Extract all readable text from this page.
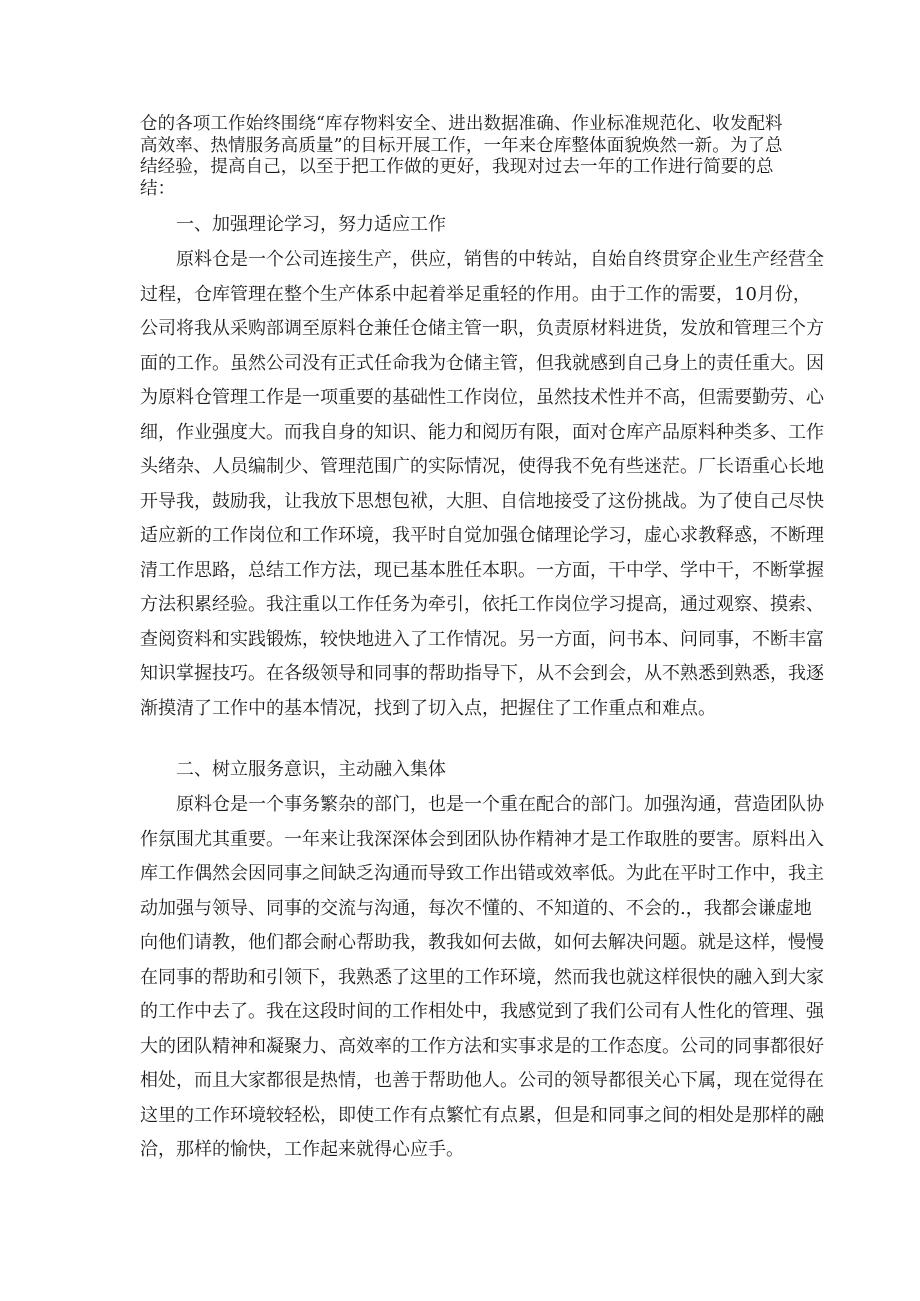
仓的各项工作始终围绕“库存物料安全、进出数据准确、作业标准规范化、收发配料
高效率、热情服务高质量”的目标开展工作，一年来仓库整体面貌焕然一新。为了总
结经验，提高自己，以至于把工作做的更好，我现对过去一年的工作进行简要的总
结：
一、加强理论学习，努力适应工作
原料仓是一个公司连接生产，供应，销售的中转站，自始自终贯穿企业生产经营全
过程，仓库管理在整个生产体系中起着举足重轻的作用。由于工作的需要，10月份，
公司将我从采购部调至原料仓兼任仓储主管一职，负责原材料进货，发放和管理三个方
面的工作。虽然公司没有正式任命我为仓储主管，但我就感到自己身上的责任重大。因
为原料仓管理工作是一项重要的基础性工作岗位，虽然技术性并不高，但需要勤劳、心
细，作业强度大。而我自身的知识、能力和阅历有限，面对仓库产品原料种类多、工作
头绪杂、人员编制少、管理范围广的实际情况，使得我不免有些迷茫。厂长语重心长地
开导我，鼓励我，让我放下思想包袱，大胆、自信地接受了这份挑战。为了使自己尽快
适应新的工作岗位和工作环境，我平时自觉加强仓储理论学习，虚心求教释惑，不断理
清工作思路，总结工作方法，现已基本胜任本职。一方面，干中学、学中干，不断掌握
方法积累经验。我注重以工作任务为牵引，依托工作岗位学习提高，通过观察、摸索、
查阅资料和实践锻炼，较快地进入了工作情况。另一方面，问书本、问同事，不断丰富
知识掌握技巧。在各级领导和同事的帮助指导下，从不会到会，从不熟悉到熟悉，我逐
渐摸清了工作中的基本情况，找到了切入点，把握住了工作重点和难点。
二、树立服务意识，主动融入集体
原料仓是一个事务繁杂的部门，也是一个重在配合的部门。加强沟通，营造团队协
作氛围尤其重要。一年来让我深深体会到团队协作精神才是工作取胜的要害。原料出入
库工作偶然会因同事之间缺乏沟通而导致工作出错或效率低。为此在平时工作中，我主
动加强与领导、同事的交流与沟通，每次不懂的、不知道的、不会的.，我都会谦虚地
向他们请教，他们都会耐心帮助我，教我如何去做，如何去解决问题。就是这样，慢慢
在同事的帮助和引领下，我熟悉了这里的工作环境，然而我也就这样很快的融入到大家
的工作中去了。我在这段时间的工作相处中，我感觉到了我们公司有人性化的管理、强
大的团队精神和凝聚力、高效率的工作方法和实事求是的工作态度。公司的同事都很好
相处，而且大家都很是热情，也善于帮助他人。公司的领导都很关心下属，现在觉得在
这里的工作环境较轻松，即使工作有点繁忙有点累，但是和同事之间的相处是那样的融
洽，那样的愉快，工作起来就得心应手。
